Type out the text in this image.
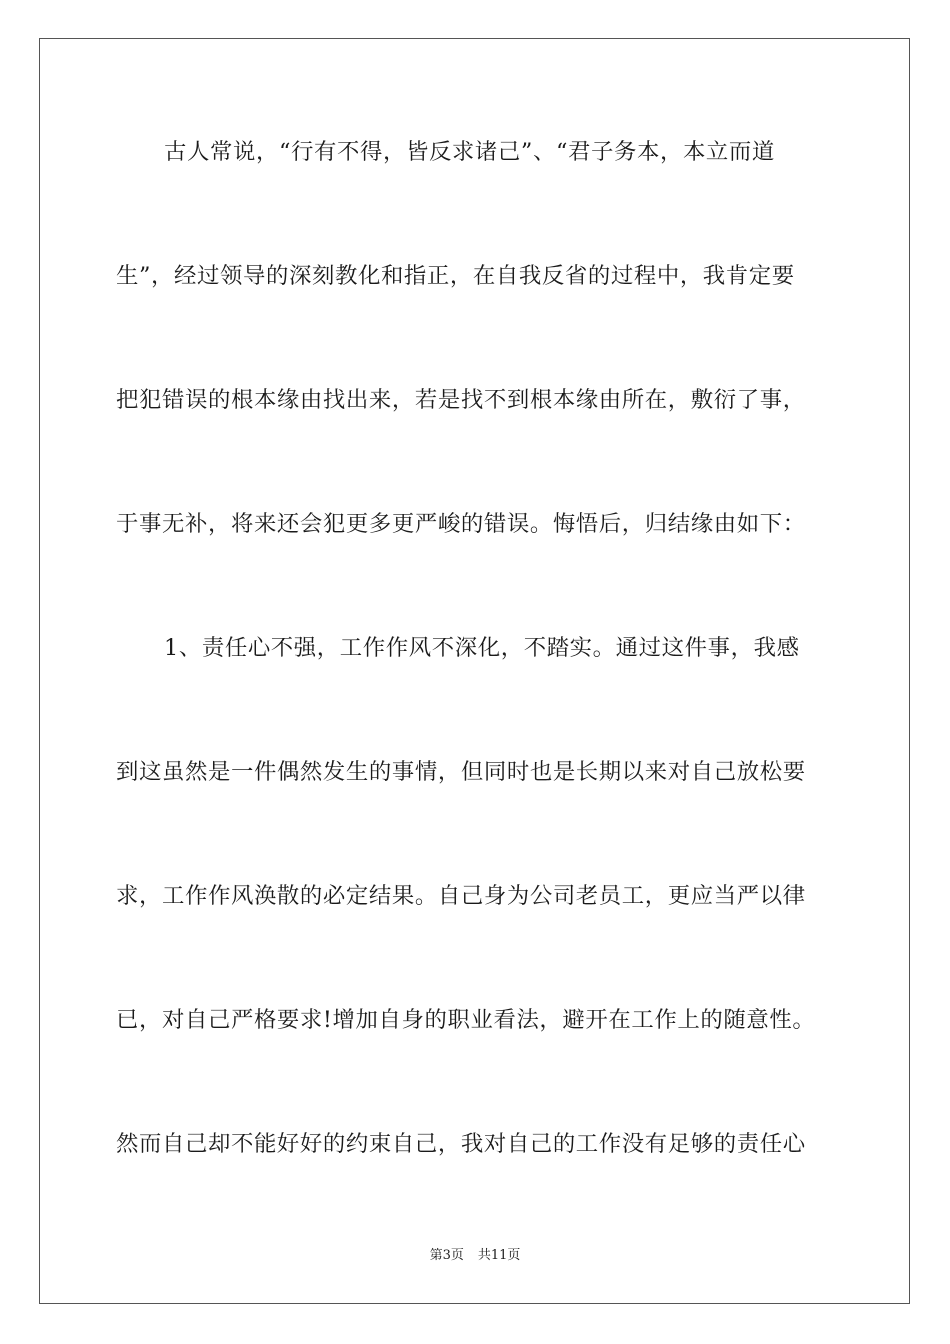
古人常说，“行有不得，皆反求诸己”、“君子务本，本立而道
生”，经过领导的深刻教化和指正，在自我反省的过程中，我肯定要
把犯错误的根本缘由找出来，若是找不到根本缘由所在，敷衍了事，
于事无补，将来还会犯更多更严峻的错误。悔悟后，归结缘由如下：
1、责任心不强，工作作风不深化，不踏实。通过这件事，我感
到这虽然是一件偶然发生的事情，但同时也是长期以来对自己放松要
求，工作作风涣散的必定结果。自己身为公司老员工，更应当严以律
已，对自己严格要求!增加自身的职业看法，避开在工作上的随意性。
然而自己却不能好好的约束自己，我对自己的工作没有足够的责任心
第3页 共11页
